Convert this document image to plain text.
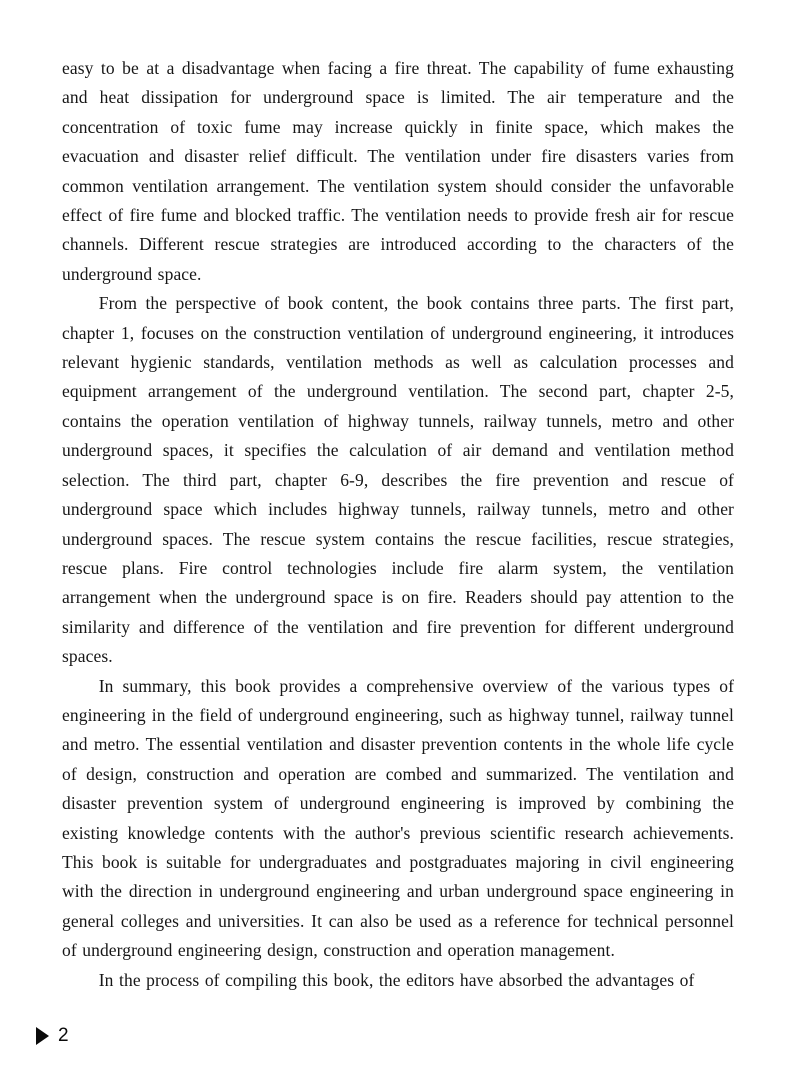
easy to be at a disadvantage when facing a fire threat. The capability of fume exhausting and heat dissipation for underground space is limited. The air temperature and the concentration of toxic fume may increase quickly in finite space, which makes the evacuation and disaster relief difficult. The ventilation under fire disasters varies from common ventilation arrangement. The ventilation system should consider the unfavorable effect of fire fume and blocked traffic. The ventilation needs to provide fresh air for rescue channels. Different rescue strategies are introduced according to the characters of the underground space.

From the perspective of book content, the book contains three parts. The first part, chapter 1, focuses on the construction ventilation of underground engineering, it introduces relevant hygienic standards, ventilation methods as well as calculation processes and equipment arrangement of the underground ventilation. The second part, chapter 2-5, contains the operation ventilation of highway tunnels, railway tunnels, metro and other underground spaces, it specifies the calculation of air demand and ventilation method selection. The third part, chapter 6-9, describes the fire prevention and rescue of underground space which includes highway tunnels, railway tunnels, metro and other underground spaces. The rescue system contains the rescue facilities, rescue strategies, rescue plans. Fire control technologies include fire alarm system, the ventilation arrangement when the underground space is on fire. Readers should pay attention to the similarity and difference of the ventilation and fire prevention for different underground spaces.

In summary, this book provides a comprehensive overview of the various types of engineering in the field of underground engineering, such as highway tunnel, railway tunnel and metro. The essential ventilation and disaster prevention contents in the whole life cycle of design, construction and operation are combed and summarized. The ventilation and disaster prevention system of underground engineering is improved by combining the existing knowledge contents with the author's previous scientific research achievements. This book is suitable for undergraduates and postgraduates majoring in civil engineering with the direction in underground engineering and urban underground space engineering in general colleges and universities. It can also be used as a reference for technical personnel of underground engineering design, construction and operation management.

In the process of compiling this book, the editors have absorbed the advantages of

2
